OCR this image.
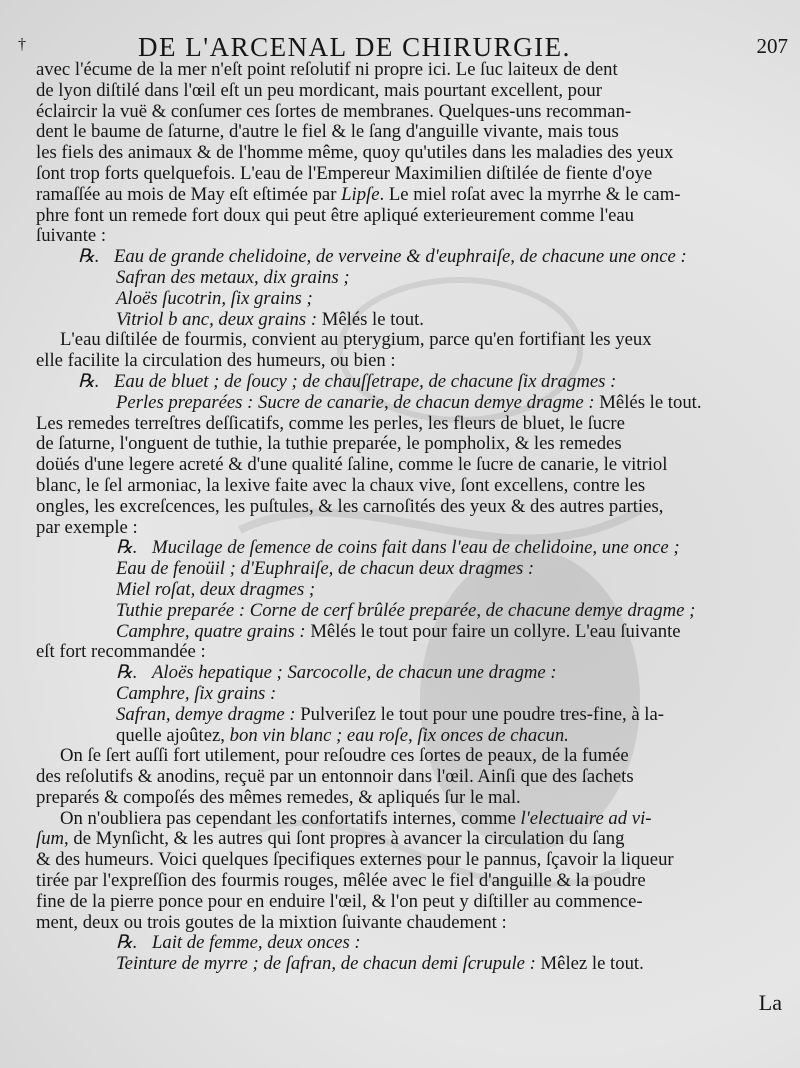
†	DE L'ARCENAL DE CHIRURGIE.	207
avec l'écume de la mer n'eſt point reſolutif ni propre ici. Le ſuc laiteux de dent
de lyon diſtilé dans l'œil eſt un peu mordicant, mais pourtant excellent, pour
éclaircir la vuë & conſumer ces ſortes de membranes. Quelques-uns recomman-
dent le baume de ſaturne, d'autre le fiel & le ſang d'anguille vivante, mais tous
les fiels des animaux & de l'homme même, quoy qu'utiles dans les maladies des yeux
ſont trop forts quelquefois. L'eau de l'Empereur Maximilien diſtilée de fiente d'oye
ramaſſée au mois de May eſt eſtimée par Lipſe. Le miel roſat avec la myrrhe & le cam-
phre font un remede fort doux qui peut être apliqué exterieurement comme l'eau
ſuivante :
℞. Eau de grande chelidoine, de verveine & d'euphraiſe, de chacune une once :
Safran des metaux, dix grains ;
Aloës ſucotrin, ſix grains ;
Vitriol b anc, deux grains : Mêlés le tout.
L'eau diſtilée de fourmis, convient au pterygium, parce qu'en fortifiant les yeux
elle facilite la circulation des humeurs, ou bien :
℞. Eau de bluet ; de ſoucy ; de chauſſetrape, de chacune ſix dragmes :
Perles preparées : Sucre de canarie, de chacun demye dragme : Mêlés le tout.
Les remedes terreſtres deſſicatifs, comme les perles, les fleurs de bluet, le ſucre
de ſaturne, l'onguent de tuthie, la tuthie preparée, le pompholix, & les remedes
doüés d'une legere acreté & d'une qualité ſaline, comme le ſucre de canarie, le vitriol
blanc, le ſel armoniac, la lexive faite avec la chaux vive, ſont excellens, contre les
ongles, les excreſcences, les puſtules, & les carnoſités des yeux & des autres parties,
par exemple :
℞. Mucilage de ſemence de coins fait dans l'eau de chelidoine, une once ;
Eau de fenoüil ; d'Euphraiſe, de chacun deux dragmes :
Miel roſat, deux dragmes ;
Tuthie preparée : Corne de cerf brûlée preparée, de chacune demye dragme ;
Camphre, quatre grains : Mêlés le tout pour faire un collyre. L'eau ſuivante
eſt fort recommandée :
℞. Aloës hepatique ; Sarcocolle, de chacun une dragme :
Camphre, ſix grains :
Safran, demye dragme : Pulveriſez le tout pour une poudre tres-fine, à la-
quelle ajoûtez, bon vin blanc ; eau roſe, ſix onces de chacun.
On ſe ſert auſſi fort utilement, pour reſoudre ces ſortes de peaux, de la fumée
des reſolutifs & anodins, reçuë par un entonnoir dans l'œil. Ainſi que des ſachets
preparés & compoſés des mêmes remedes, & apliqués ſur le mal.
On n'oubliera pas cependant les confortatifs internes, comme l'electuaire ad vi-
ſum, de Mynſicht, & les autres qui ſont propres à avancer la circulation du ſang
& des humeurs. Voici quelques ſpecifiques externes pour le pannus, ſçavoir la liqueur
tirée par l'expreſſion des fourmis rouges, mêlée avec le fiel d'anguille & la poudre
fine de la pierre ponce pour en enduire l'œil, & l'on peut y diſtiller au commence-
ment, deux ou trois goutes de la mixtion ſuivante chaudement :
℞. Lait de femme, deux onces :
Teinture de myrre ; de ſafran, de chacun demi ſcrupule : Mêlez le tout.
La
